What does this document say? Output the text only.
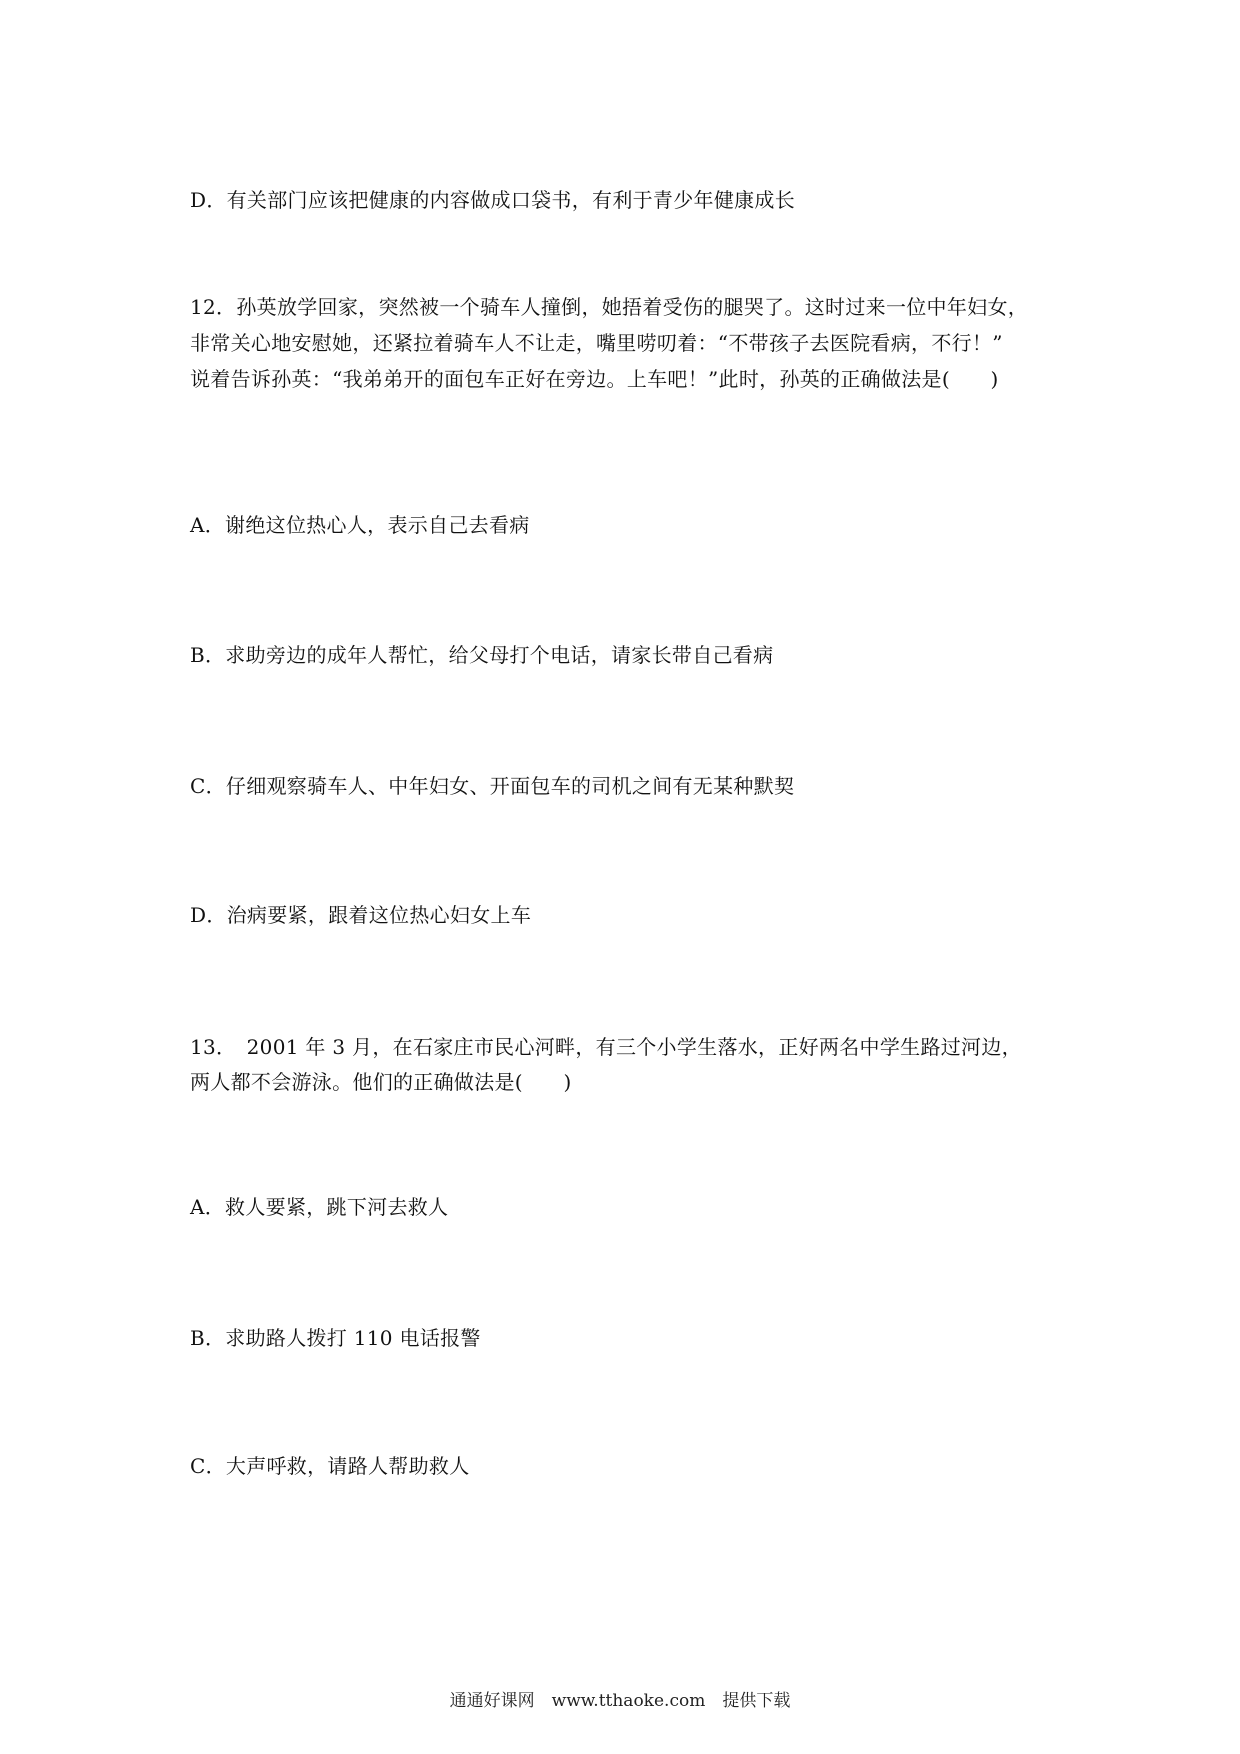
D．有关部门应该把健康的内容做成口袋书，有利于青少年健康成长
12．孙英放学回家，突然被一个骑车人撞倒，她捂着受伤的腿哭了。这时过来一位中年妇女，
非常关心地安慰她，还紧拉着骑车人不让走，嘴里唠叨着：“不带孩子去医院看病，不行！”
说着告诉孙英：“我弟弟开的面包车正好在旁边。上车吧！”此时，孙英的正确做法是(　　)
A．谢绝这位热心人，表示自己去看病
B．求助旁边的成年人帮忙，给父母打个电话，请家长带自己看病
C．仔细观察骑车人、中年妇女、开面包车的司机之间有无某种默契
D．治病要紧，跟着这位热心妇女上车
13．　2001 年 3 月，在石家庄市民心河畔，有三个小学生落水，正好两名中学生路过河边，
两人都不会游泳。他们的正确做法是(　　)
A．救人要紧，跳下河去救人
B．求助路人拨打 110 电话报警
C．大声呼救，请路人帮助救人
通通好课网　www.tthaoke.com　提供下载
